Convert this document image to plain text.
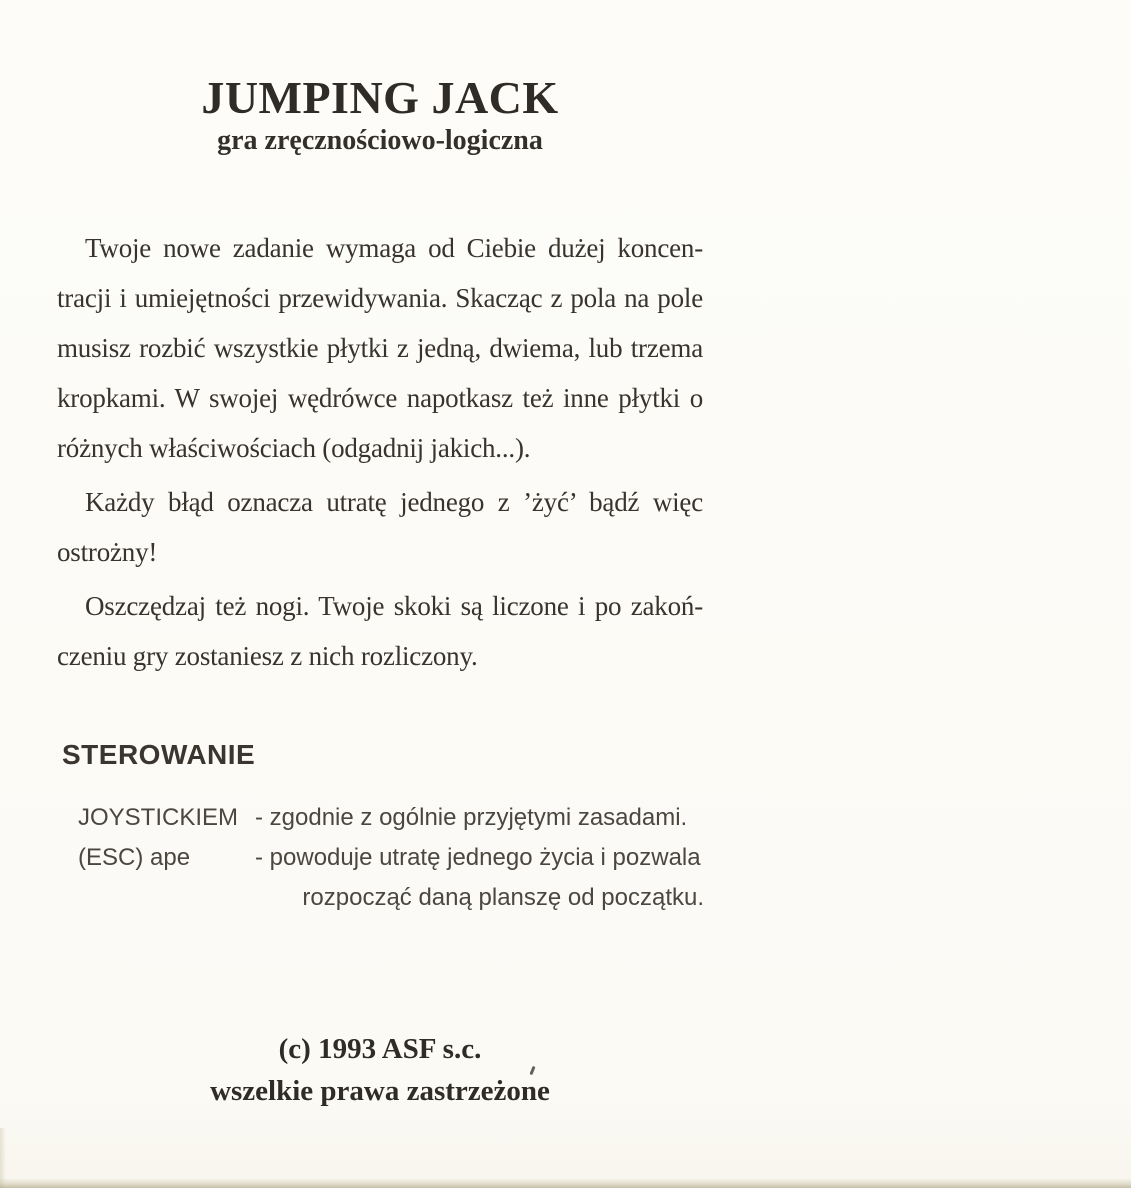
JUMPING JACK
gra zręcznościowo-logiczna
Twoje nowe zadanie wymaga od Ciebie dużej koncen-
tracji i umiejętności przewidywania. Skacząc z pola na pole
musisz rozbić wszystkie płytki z jedną, dwiema, lub trzema
kropkami. W swojej wędrówce napotkasz też inne płytki o
różnych właściwościach (odgadnij jakich...).
Każdy błąd oznacza utratę jednego z ’żyć’ bądź więc
ostrożny!
Oszczędzaj też nogi. Twoje skoki są liczone i po zakoń-
czeniu gry zostaniesz z nich rozliczony.
STEROWANIE
JOYSTICKIEM - zgodnie z ogólnie przyjętymi zasadami.
(ESC) ape	- powoduje utratę jednego życia i pozwala
rozpocząć daną planszę od początku.
(c) 1993 ASF s.c.
wszelkie prawa zastrzeżone
